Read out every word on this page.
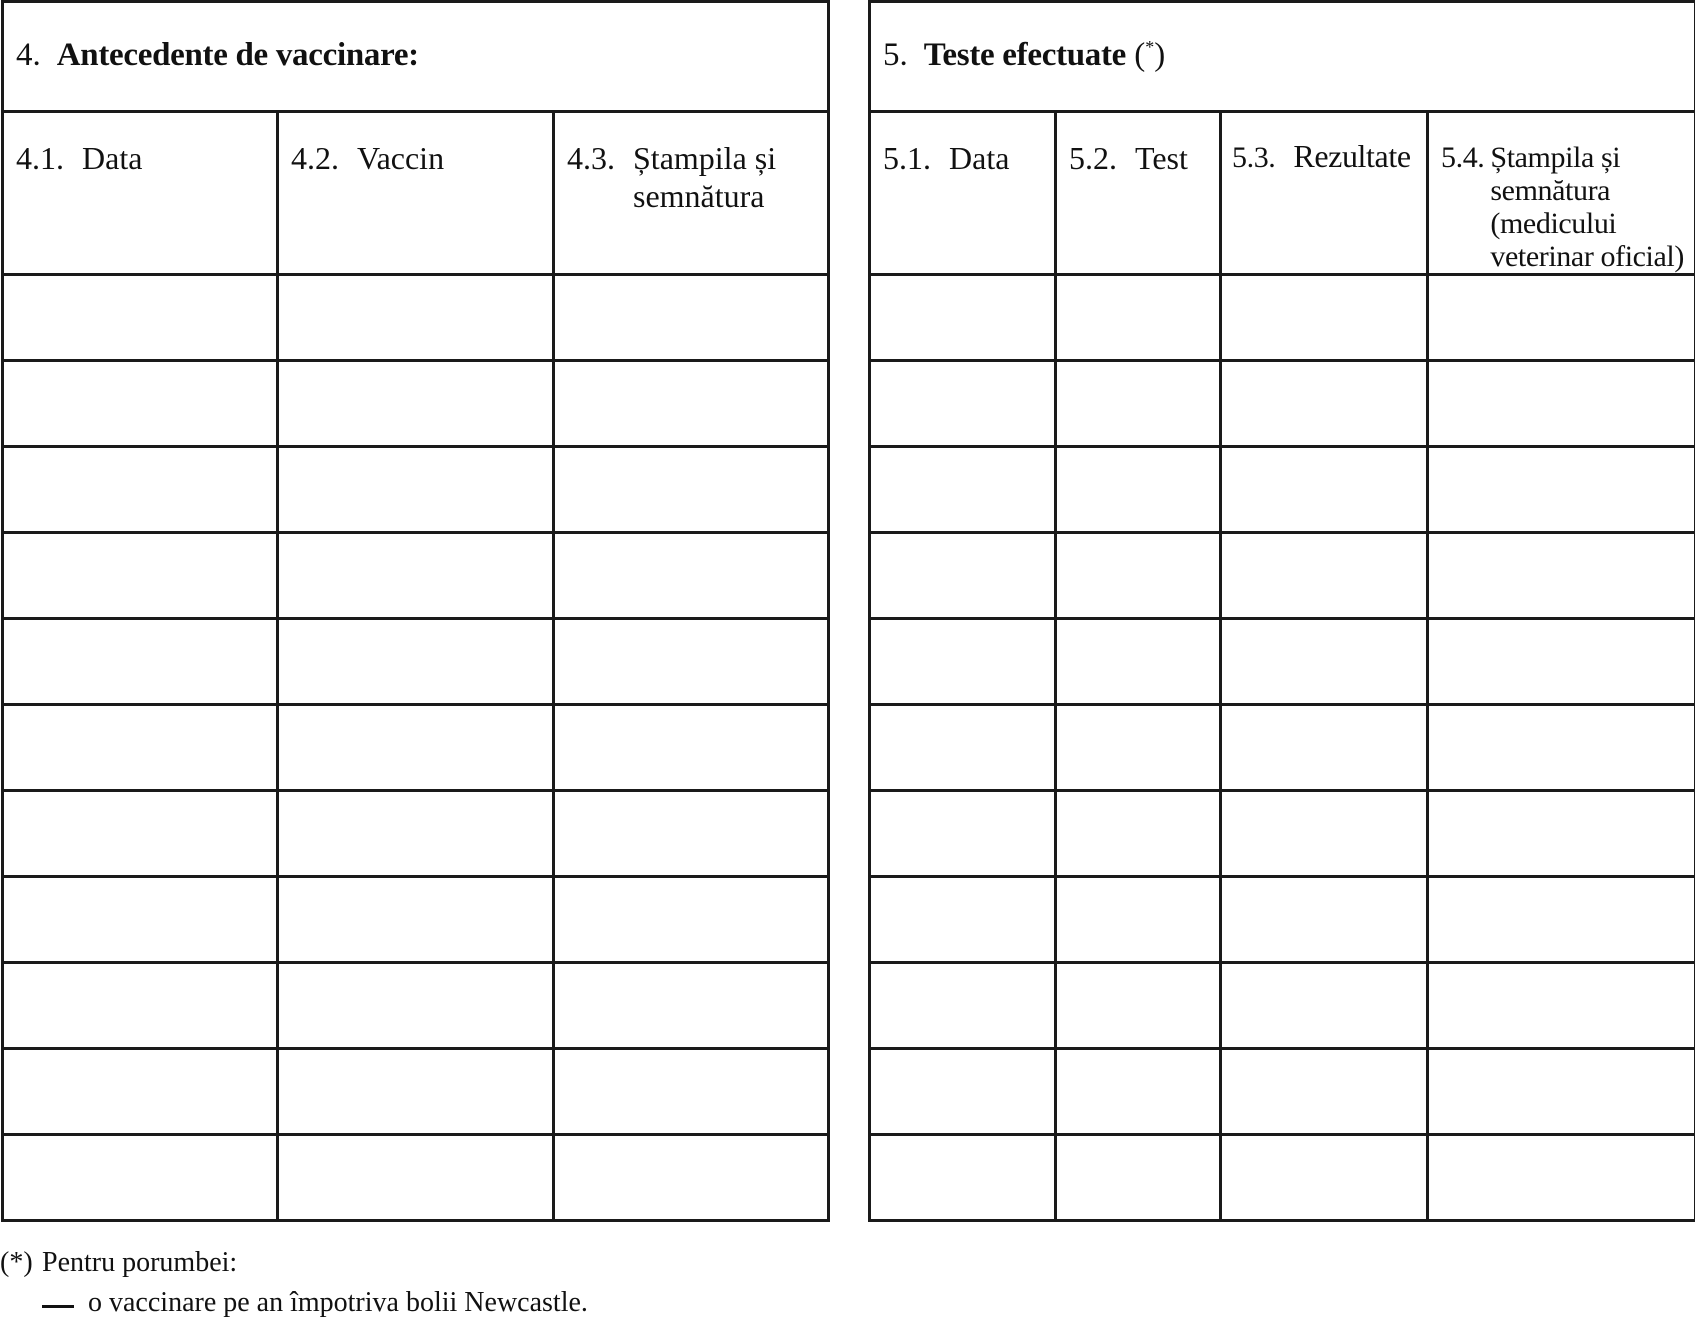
4. Antecedente de vaccinare:		

4.1. Data	4.2. Vaccin	4.3. Ștampila și semnătura

5. Teste efectuate (*)			

5.1. Data	5.2. Test	5.3. Rezultate	5.4. Ștampila și semnătura (medicului veterinar oficial)

(*) Pentru porumbei:
o vaccinare pe an împotriva bolii Newcastle.
